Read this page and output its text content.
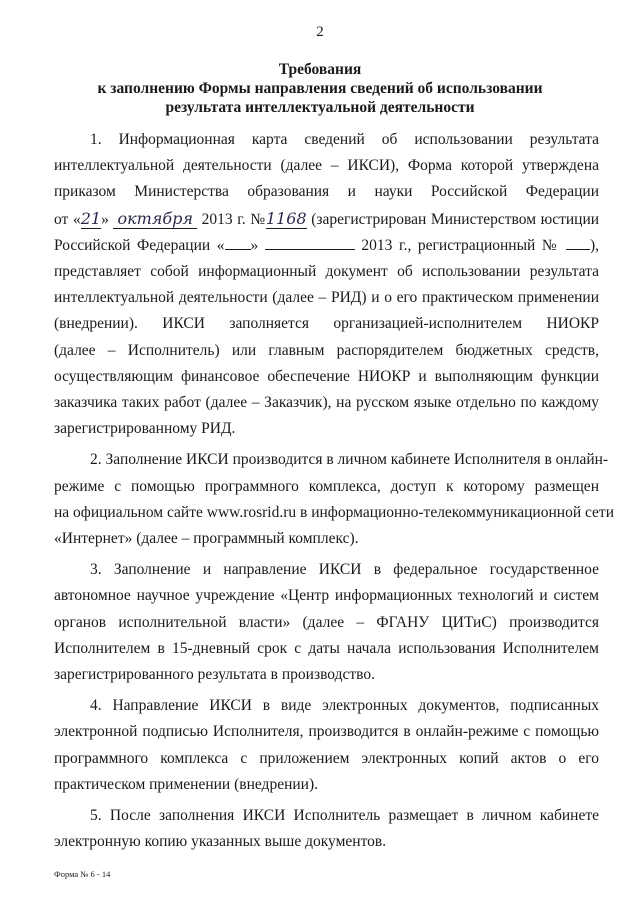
2
Требования
к заполнению Формы направления сведений об использовании
результата интеллектуальной деятельности
1. Информационная карта сведений об использовании результата
интеллектуальной деятельности (далее – ИКСИ), Форма которой утверждена
приказом Министерства образования и науки Российской Федерации
от «21» октября 2013 г. №1168 (зарегистрирован Министерством юстиции
Российской Федерации « »	2013 г., регистрационный № ),
представляет собой информационный документ об использовании результата
интеллектуальной деятельности (далее – РИД) и о его практическом применении
(внедрении). ИКСИ заполняется организацией-исполнителем НИОКР
(далее – Исполнитель) или главным распорядителем бюджетных средств,
осуществляющим финансовое обеспечение НИОКР и выполняющим функции
заказчика таких работ (далее – Заказчик), на русском языке отдельно по каждому
зарегистрированному РИД.
2. Заполнение ИКСИ производится в личном кабинете Исполнителя в онлайн-
режиме с помощью программного комплекса, доступ к которому размещен
на официальном сайте www.rosrid.ru в информационно-телекоммуникационной сети
«Интернет» (далее – программный комплекс).
3. Заполнение и направление ИКСИ в федеральное государственное
автономное научное учреждение «Центр информационных технологий и систем
органов исполнительной власти» (далее – ФГАНУ ЦИТиС) производится
Исполнителем в 15-дневный срок с даты начала использования Исполнителем
зарегистрированного результата в производство.
4. Направление ИКСИ в виде электронных документов, подписанных
электронной подписью Исполнителя, производится в онлайн-режиме с помощью
программного комплекса с приложением электронных копий актов о его
практическом применении (внедрении).
5. После заполнения ИКСИ Исполнитель размещает в личном кабинете
электронную копию указанных выше документов.
Форма № 6 - 14
